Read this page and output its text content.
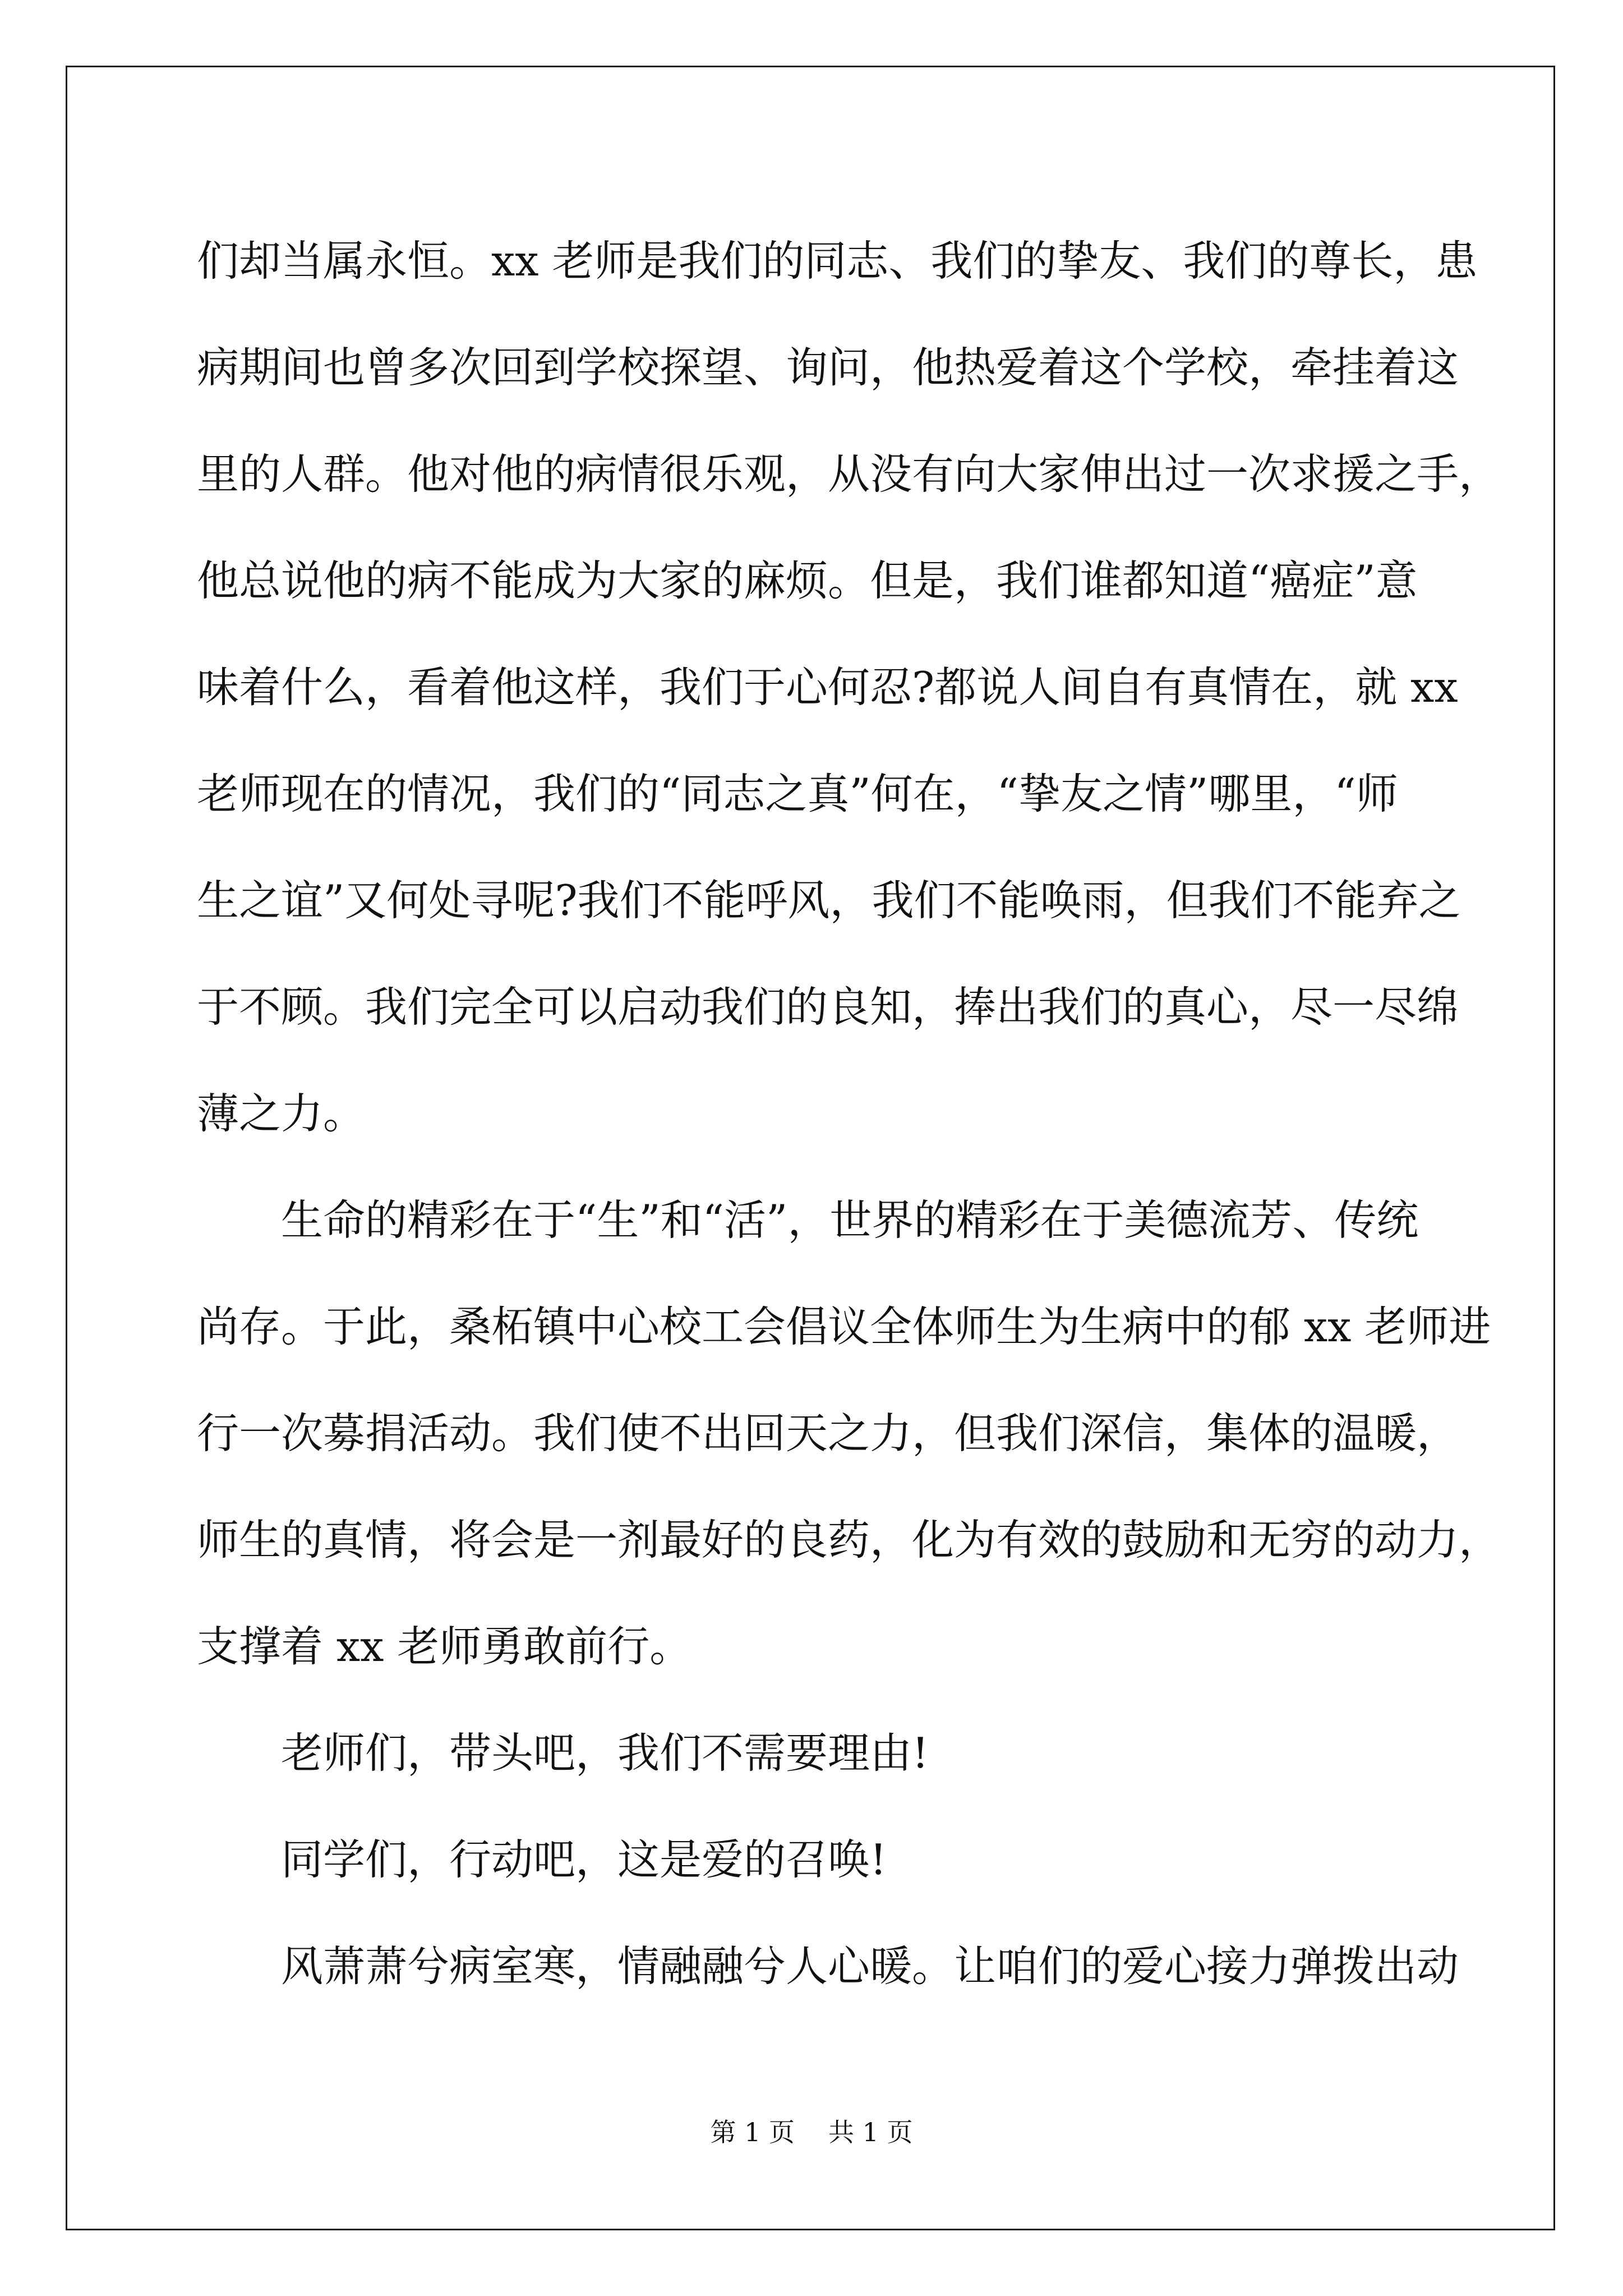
们却当属永恒。xx 老师是我们的同志、我们的挚友、我们的尊长，患
病期间也曾多次回到学校探望、询问，他热爱着这个学校，牵挂着这
里的人群。他对他的病情很乐观，从没有向大家伸出过一次求援之手，
他总说他的病不能成为大家的麻烦。但是，我们谁都知道“癌症”意
味着什么，看着他这样，我们于心何忍?都说人间自有真情在，就 xx
老师现在的情况，我们的“同志之真”何在，“挚友之情”哪里，“师
生之谊”又何处寻呢?我们不能呼风，我们不能唤雨，但我们不能弃之
于不顾。我们完全可以启动我们的良知，捧出我们的真心，尽一尽绵
薄之力。
生命的精彩在于“生”和“活”，世界的精彩在于美德流芳、传统
尚存。于此，桑柘镇中心校工会倡议全体师生为生病中的郁 xx 老师进
行一次募捐活动。我们使不出回天之力，但我们深信，集体的温暖，
师生的真情，将会是一剂最好的良药，化为有效的鼓励和无穷的动力，
支撑着 xx 老师勇敢前行。
老师们，带头吧，我们不需要理由!
同学们，行动吧，这是爱的召唤!
风萧萧兮病室寒，情融融兮人心暖。让咱们的爱心接力弹拨出动
第 1 页 共 1 页
